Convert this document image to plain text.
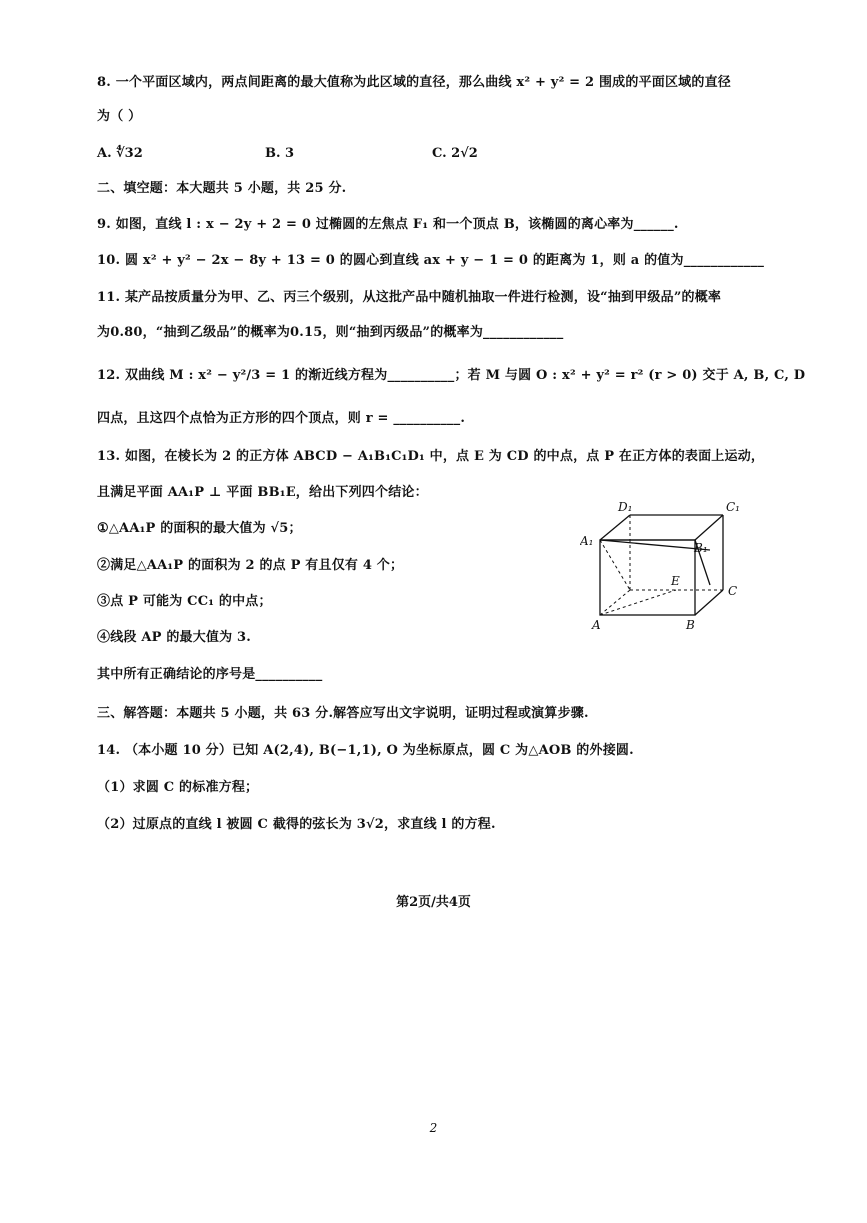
8. 一个平面区域内，两点间距离的最大值称为此区域的直径，那么曲线 x² + y² = 2 围成的平面区域的直径
为（ ）
A. ∜32	B. 3	C. 2√2
二、填空题：本大题共 5 小题，共 25 分.
9. 如图，直线 l : x − 2y + 2 = 0 过椭圆的左焦点 F₁ 和一个顶点 B，该椭圆的离心率为______.
10. 圆 x² + y² − 2x − 8y + 13 = 0 的圆心到直线 ax + y − 1 = 0 的距离为 1，则 a 的值为____________
11. 某产品按质量分为甲、乙、丙三个级别，从这批产品中随机抽取一件进行检测，设“抽到甲级品”的概率
为0.80，“抽到乙级品”的概率为0.15，则“抽到丙级品”的概率为____________
12. 双曲线 M : x² − y²/3 = 1 的渐近线方程为__________；若 M 与圆 O : x² + y² = r² (r > 0) 交于 A, B, C, D
四点，且这四个点恰为正方形的四个顶点，则 r = __________.
13. 如图，在棱长为 2 的正方体 ABCD − A₁B₁C₁D₁ 中，点 E 为 CD 的中点，点 P 在正方体的表面上运动，
且满足平面 AA₁P ⊥ 平面 BB₁E，给出下列四个结论：
①△AA₁P 的面积的最大值为 √5；
②满足△AA₁P 的面积为 2 的点 P 有且仅有 4 个；
③点 P 可能为 CC₁ 的中点；
④线段 AP 的最大值为 3.
其中所有正确结论的序号是__________
D₁	C₁
A₁	B₁
E
C
A	B
三、解答题：本题共 5 小题，共 63 分.解答应写出文字说明，证明过程或演算步骤.
14. （本小题 10 分）已知 A(2,4), B(−1,1), O 为坐标原点，圆 C 为△AOB 的外接圆.
（1）求圆 C 的标准方程；
（2）过原点的直线 l 被圆 C 截得的弦长为 3√2，求直线 l 的方程.
第2页/共4页
2
